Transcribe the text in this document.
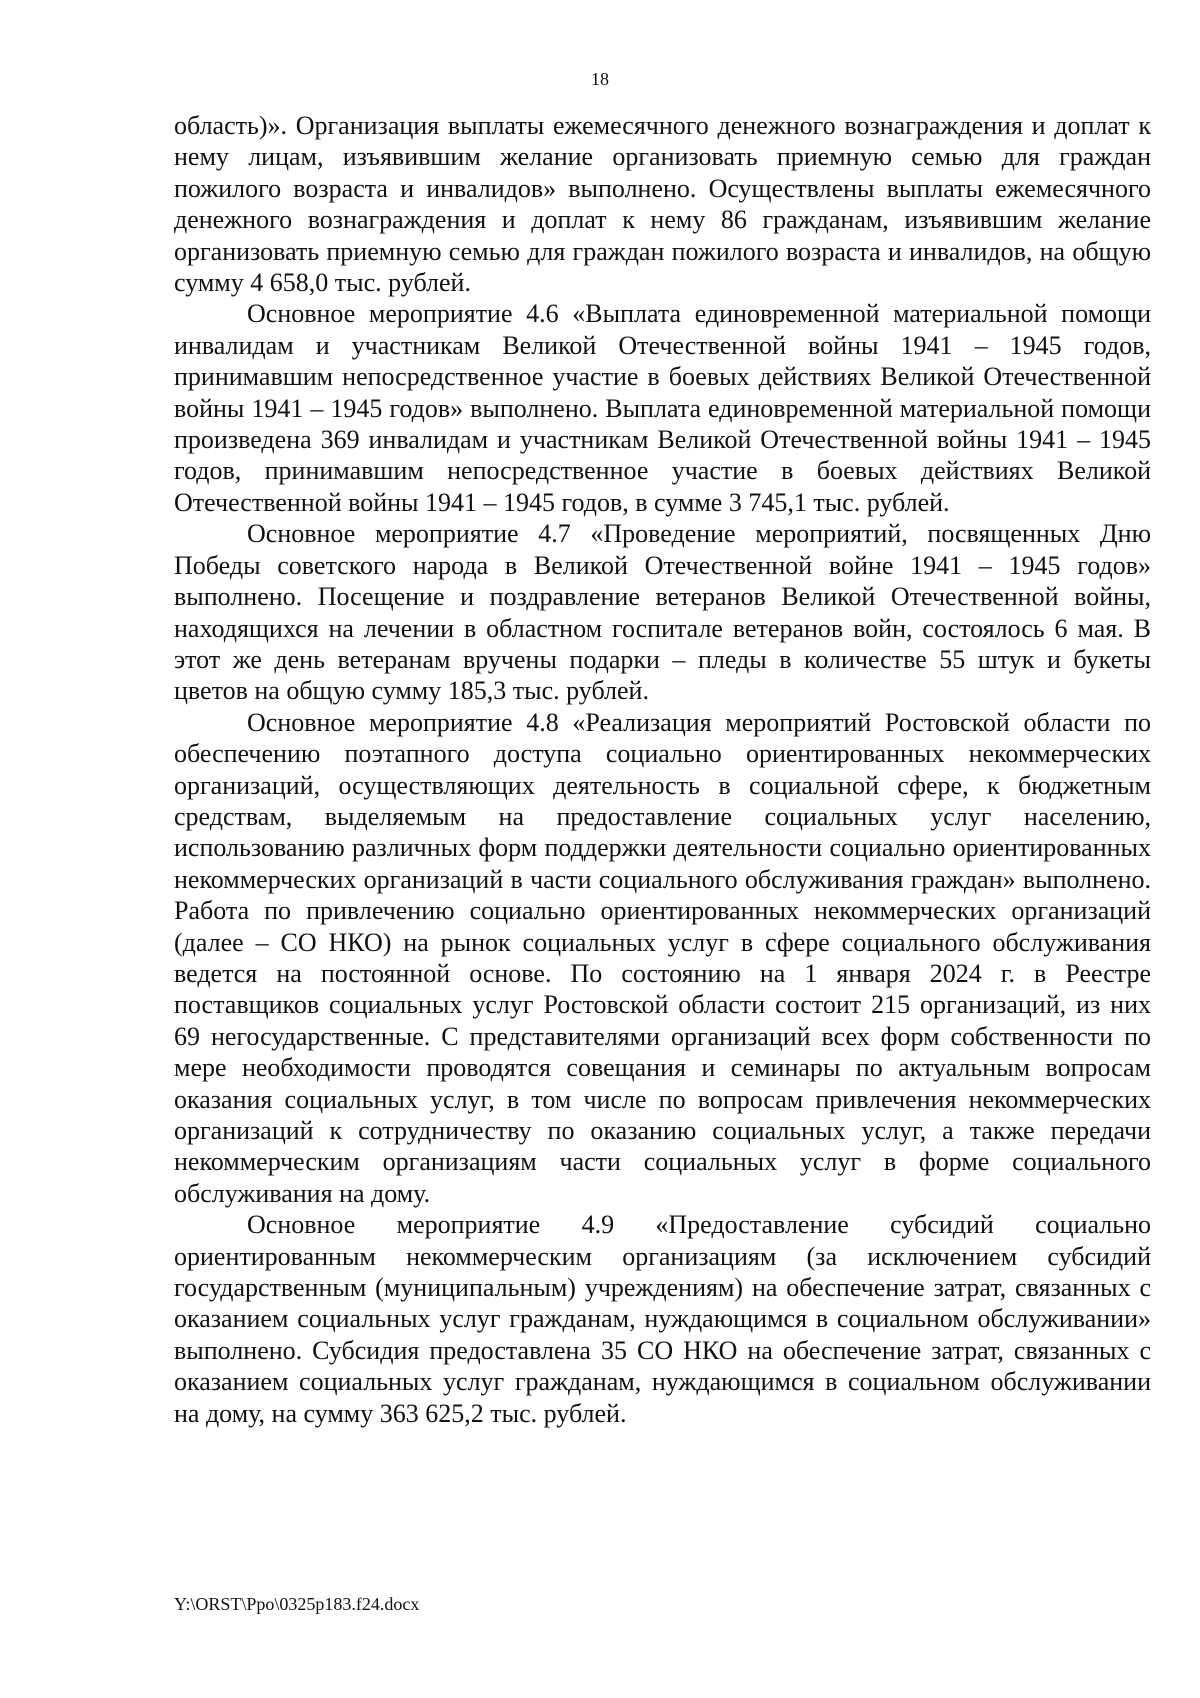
18

область)». Организация выплаты ежемесячного денежного вознаграждения и доплат к нему лицам, изъявившим желание организовать приемную семью для граждан пожилого возраста и инвалидов» выполнено. Осуществлены выплаты ежемесячного денежного вознаграждения и доплат к нему 86 гражданам, изъявившим желание организовать приемную семью для граждан пожилого возраста и инвалидов, на общую сумму 4 658,0 тыс. рублей.

Основное мероприятие 4.6 «Выплата единовременной материальной помощи инвалидам и участникам Великой Отечественной войны 1941 – 1945 годов, принимавшим непосредственное участие в боевых действиях Великой Отечественной войны 1941 – 1945 годов» выполнено. Выплата единовременной материальной помощи произведена 369 инвалидам и участникам Великой Отечественной войны 1941 – 1945 годов, принимавшим непосредственное участие в боевых действиях Великой Отечественной войны 1941 – 1945 годов, в сумме 3 745,1 тыс. рублей.

Основное мероприятие 4.7 «Проведение мероприятий, посвященных Дню Победы советского народа в Великой Отечественной войне 1941 – 1945 годов» выполнено. Посещение и поздравление ветеранов Великой Отечественной войны, находящихся на лечении в областном госпитале ветеранов войн, состоялось 6 мая. В этот же день ветеранам вручены подарки – пледы в количестве 55 штук и букеты цветов на общую сумму 185,3 тыс. рублей.

Основное мероприятие 4.8 «Реализация мероприятий Ростовской области по обеспечению поэтапного доступа социально ориентированных некоммерческих организаций, осуществляющих деятельность в социальной сфере, к бюджетным средствам, выделяемым на предоставление социальных услуг населению, использованию различных форм поддержки деятельности социально ориентированных некоммерческих организаций в части социального обслуживания граждан» выполнено. Работа по привлечению социально ориентированных некоммерческих организаций (далее – СО НКО) на рынок социальных услуг в сфере социального обслуживания ведется на постоянной основе. По состоянию на 1 января 2024 г. в Реестре поставщиков социальных услуг Ростовской области состоит 215 организаций, из них 69 негосударственные. С представителями организаций всех форм собственности по мере необходимости проводятся совещания и семинары по актуальным вопросам оказания социальных услуг, в том числе по вопросам привлечения некоммерческих организаций к сотрудничеству по оказанию социальных услуг, а также передачи некоммерческим организациям части социальных услуг в форме социального обслуживания на дому.

Основное мероприятие 4.9 «Предоставление субсидий социально ориентированным некоммерческим организациям (за исключением субсидий государственным (муниципальным) учреждениям) на обеспечение затрат, связанных с оказанием социальных услуг гражданам, нуждающимся в социальном обслуживании» выполнено. Субсидия предоставлена 35 СО НКО на обеспечение затрат, связанных с оказанием социальных услуг гражданам, нуждающимся в социальном обслуживании на дому, на сумму 363 625,2 тыс. рублей.

Y:\ORST\Ppo\0325p183.f24.docx
